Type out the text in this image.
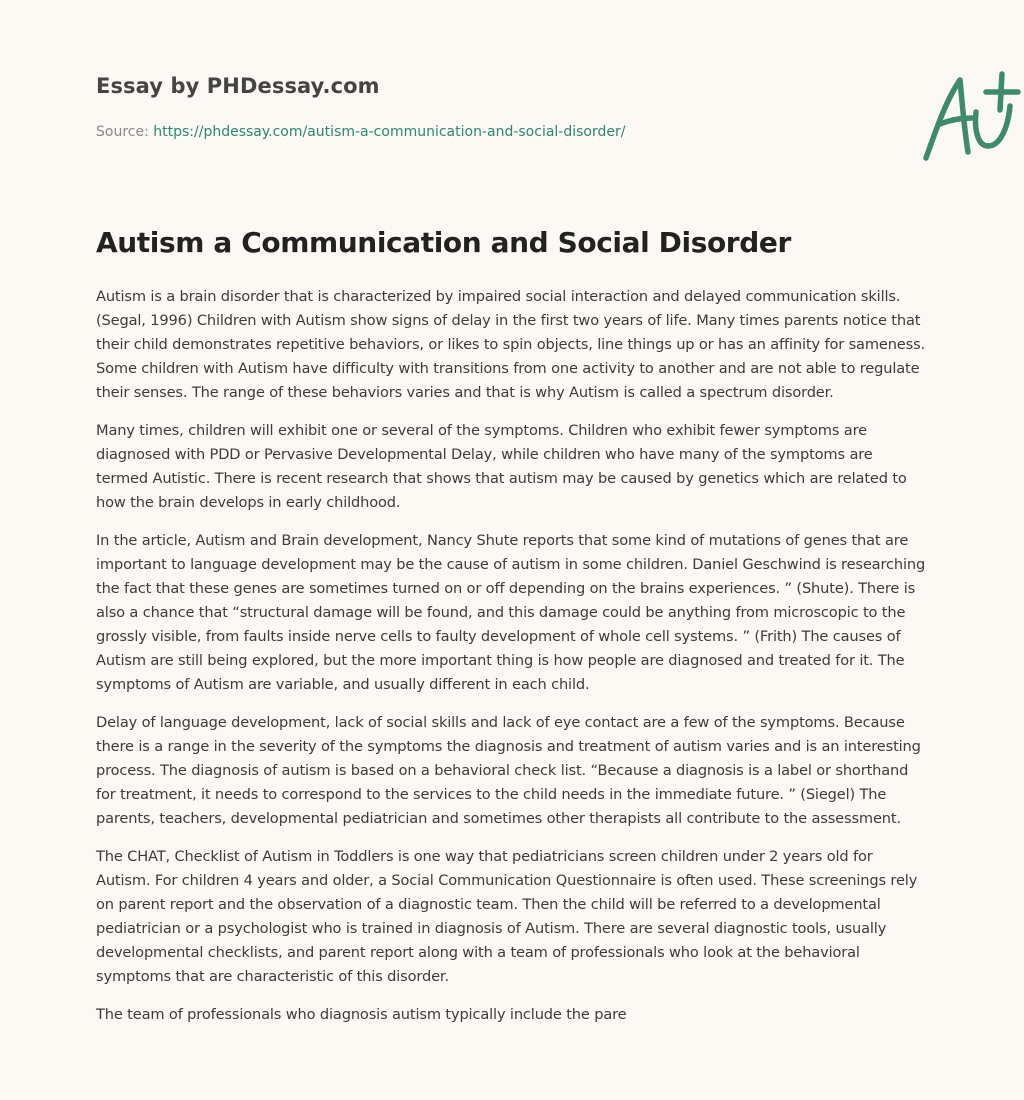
Essay by PHDessay.com
Source: https://phdessay.com/autism-a-communication-and-social-disorder/
Autism a Communication and Social Disorder

Autism is a brain disorder that is characterized by impaired social interaction and delayed communication skills. (Segal, 1996) Children with Autism show signs of delay in the first two years of life. Many times parents notice that their child demonstrates repetitive behaviors, or likes to spin objects, line things up or has an affinity for sameness. Some children with Autism have difficulty with transitions from one activity to another and are not able to regulate their senses. The range of these behaviors varies and that is why Autism is called a spectrum disorder.

Many times, children will exhibit one or several of the symptoms. Children who exhibit fewer symptoms are diagnosed with PDD or Pervasive Developmental Delay, while children who have many of the symptoms are termed Autistic. There is recent research that shows that autism may be caused by genetics which are related to how the brain develops in early childhood.

In the article, Autism and Brain development, Nancy Shute reports that some kind of mutations of genes that are important to language development may be the cause of autism in some children. Daniel Geschwind is researching the fact that these genes are sometimes turned on or off depending on the brains experiences. ” (Shute). There is also a chance that “structural damage will be found, and this damage could be anything from microscopic to the grossly visible, from faults inside nerve cells to faulty development of whole cell systems. ” (Frith) The causes of Autism are still being explored, but the more important thing is how people are diagnosed and treated for it. The symptoms of Autism are variable, and usually different in each child.

Delay of language development, lack of social skills and lack of eye contact are a few of the symptoms. Because there is a range in the severity of the symptoms the diagnosis and treatment of autism varies and is an interesting process. The diagnosis of autism is based on a behavioral check list. “Because a diagnosis is a label or shorthand for treatment, it needs to correspond to the services to the child needs in the immediate future. ” (Siegel) The parents, teachers, developmental pediatrician and sometimes other therapists all contribute to the assessment.

The CHAT, Checklist of Autism in Toddlers is one way that pediatricians screen children under 2 years old for Autism. For children 4 years and older, a Social Communication Questionnaire is often used. These screenings rely on parent report and the observation of a diagnostic team. Then the child will be referred to a developmental pediatrician or a psychologist who is trained in diagnosis of Autism. There are several diagnostic tools, usually developmental checklists, and parent report along with a team of professionals who look at the behavioral symptoms that are characteristic of this disorder.

The team of professionals who diagnosis autism typically include the pare
